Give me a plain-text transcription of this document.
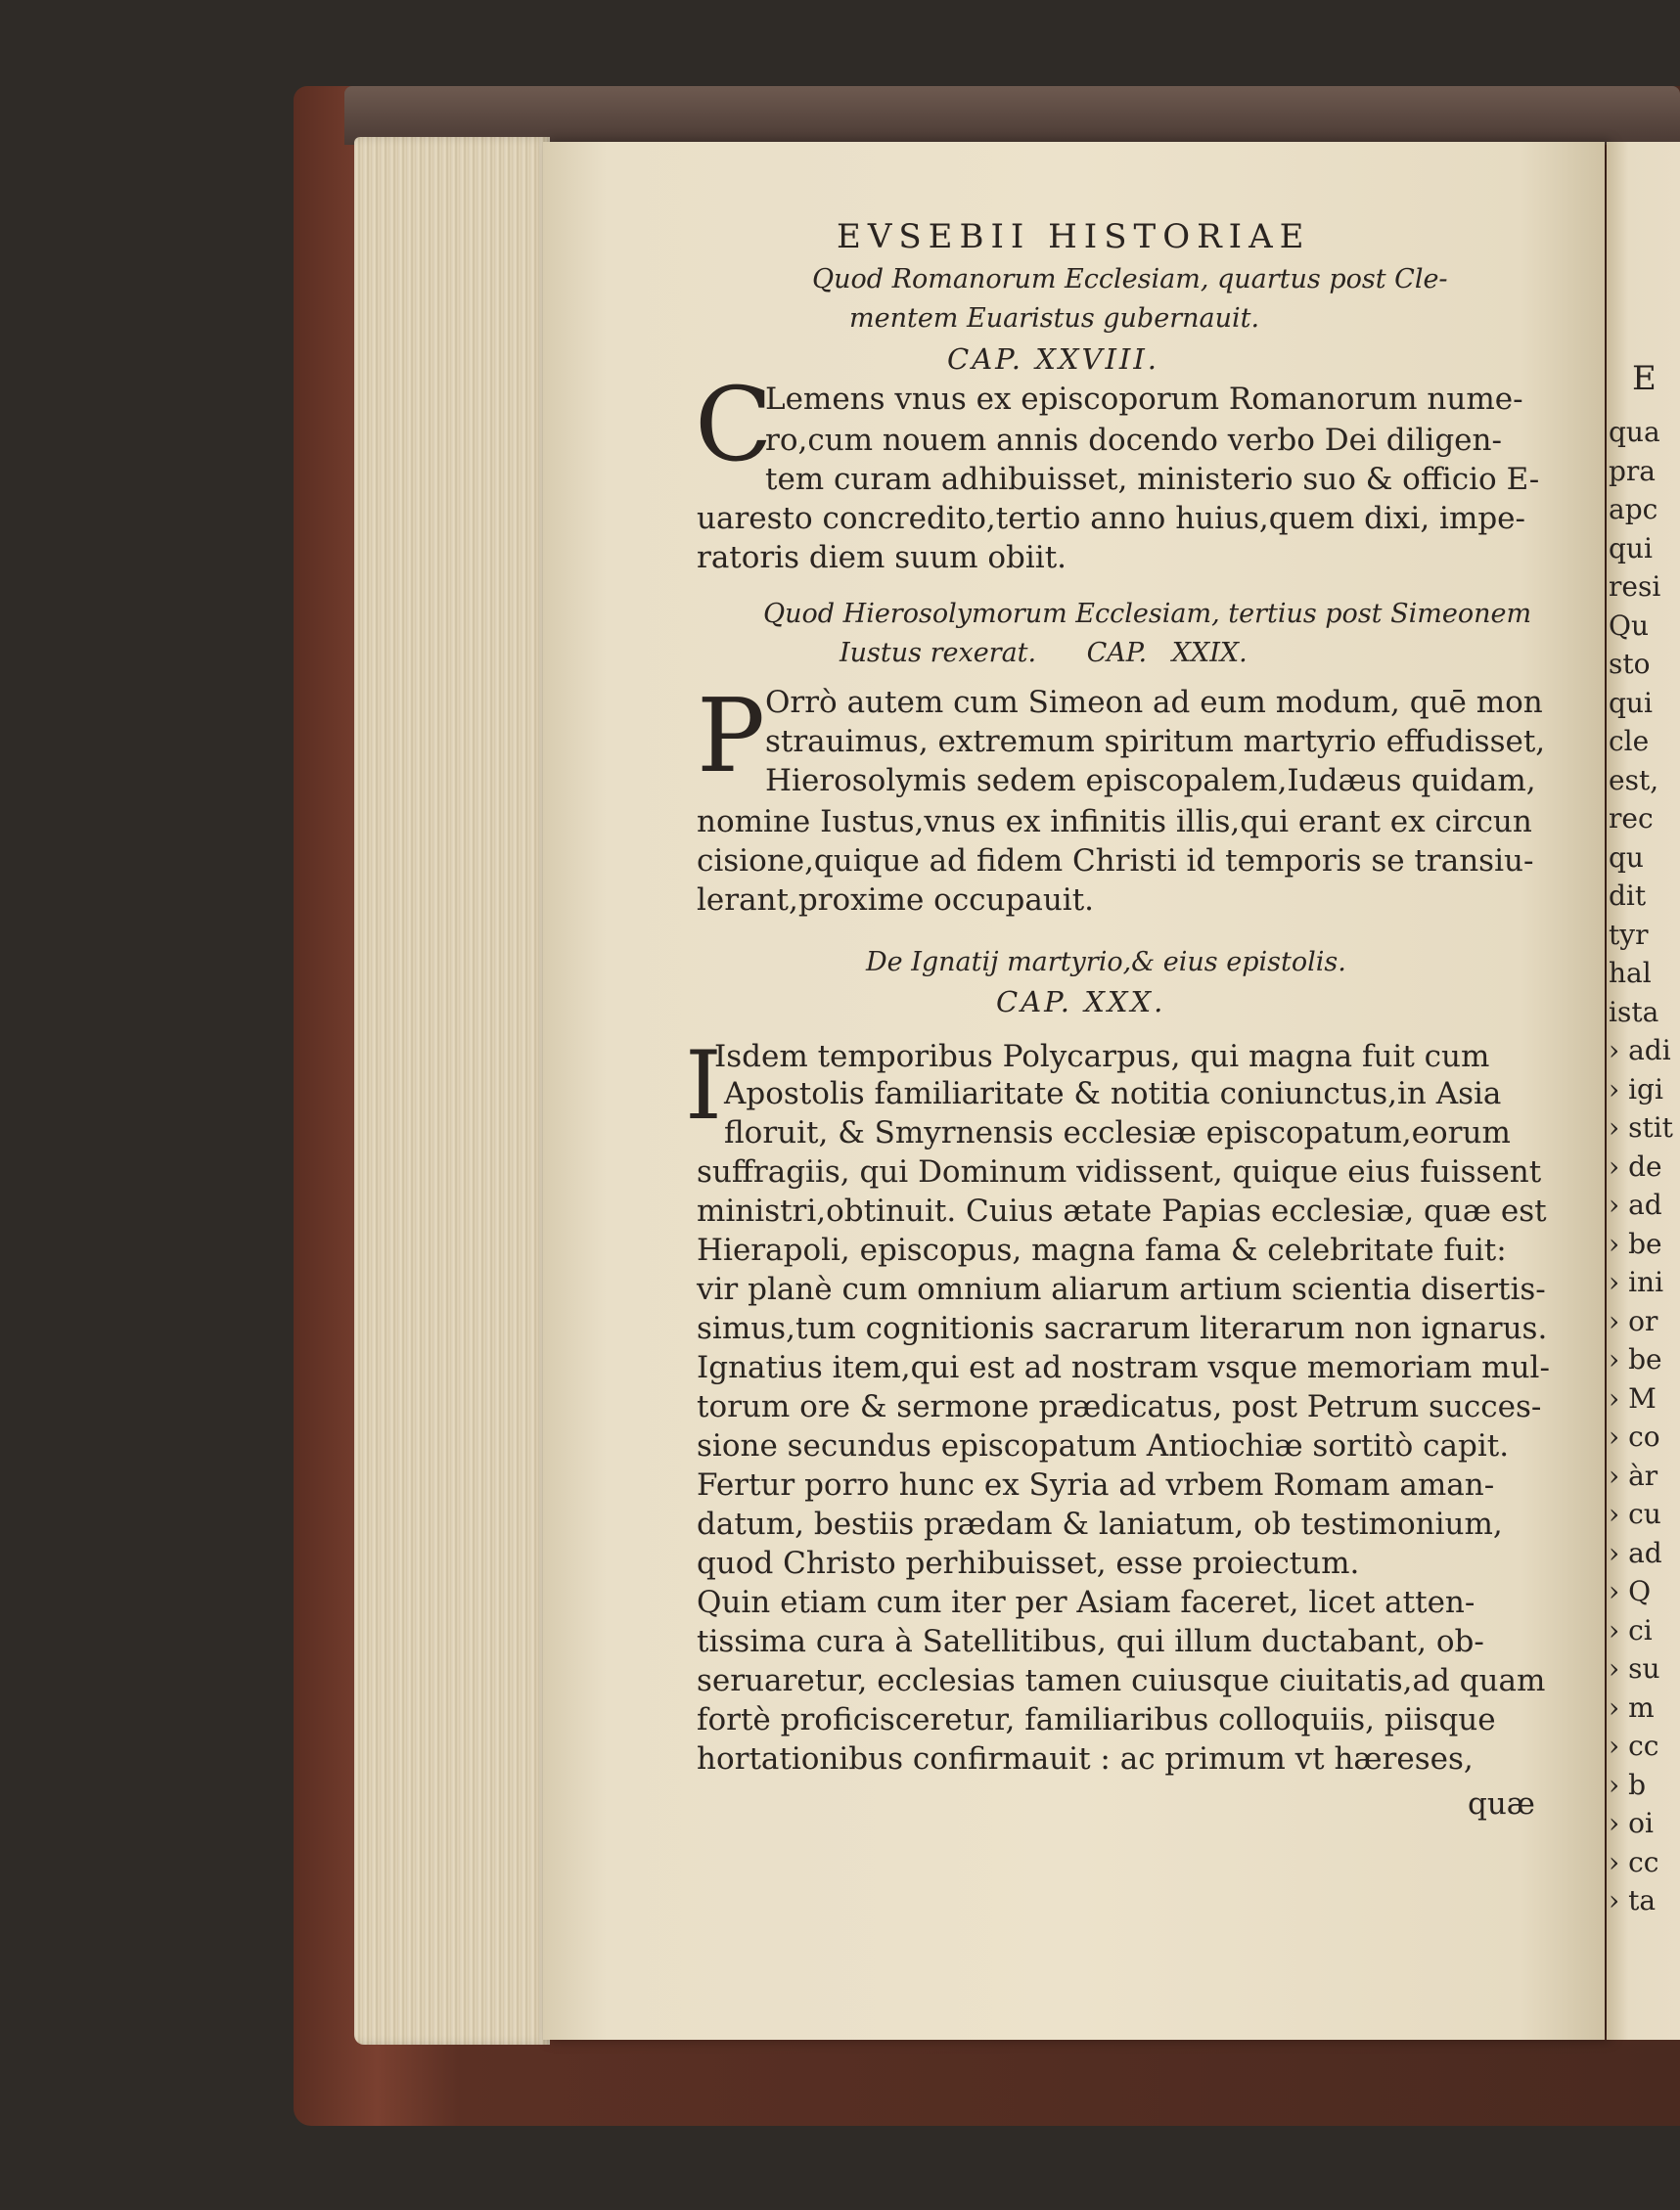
E
qua
pra
apc
qui
resi
Qu
sto
qui
cle
est,
rec
qu
dit
tyr
hal
ista
› adi
› igi
› stit
› de
› ad
› be
› ini
› or
› be
› M
› co
› àr
› cu
› ad
› Q
› ci
› su
› m
› cc
› b
› oi
› cc
› ta
EVSEBII HISTORIAE
Quod Romanorum Ecclesiam, quartus post Cle-
mentem Euaristus gubernauit.
CAP. XXVIII.
C
Lemens vnus ex episcoporum Romanorum nume-
ro,cum nouem annis docendo verbo Dei diligen-
tem curam adhibuisset, ministerio suo & officio E-
uaresto concredito,tertio anno huius,quem dixi, impe-
ratoris diem suum obiit.
Quod Hierosolymorum Ecclesiam, tertius post Simeonem
Iustus rexerat.      CAP.   XXIX.
P Orrò autem cum Simeon ad eum modum, quē mon
strauimus, extremum spiritum martyrio effudisset,
Hierosolymis sedem episcopalem,Iudæus quidam,
nomine Iustus,vnus ex infinitis illis,qui erant ex circun
cisione,quique ad fidem Christi id temporis se transiu-
lerant,proxime occupauit.
De Ignatij martyrio,& eius epistolis.
CAP. XXX.
I
Isdem temporibus Polycarpus, qui magna fuit cum
Apostolis familiaritate & notitia coniunctus,in Asia
floruit, & Smyrnensis ecclesiæ episcopatum,eorum
suffragiis, qui Dominum vidissent, quique eius fuissent
ministri,obtinuit. Cuius ætate Papias ecclesiæ, quæ est
Hierapoli, episcopus, magna fama & celebritate fuit:
vir planè cum omnium aliarum artium scientia disertis-
simus,tum cognitionis sacrarum literarum non ignarus.
Ignatius item,qui est ad nostram vsque memoriam mul-
torum ore & sermone prædicatus, post Petrum succes-
sione secundus episcopatum Antiochiæ sortitò capit.
Fertur porro hunc ex Syria ad vrbem Romam aman-
datum, bestiis prædam & laniatum, ob testimonium,
quod Christo perhibuisset, esse proiectum.
Quin etiam cum iter per Asiam faceret, licet atten-
tissima cura à Satellitibus, qui illum ductabant, ob-
seruaretur, ecclesias tamen cuiusque ciuitatis,ad quam
fortè proficisceretur, familiaribus colloquiis, piisque
hortationibus confirmauit : ac primum vt hæreses,
quæ
